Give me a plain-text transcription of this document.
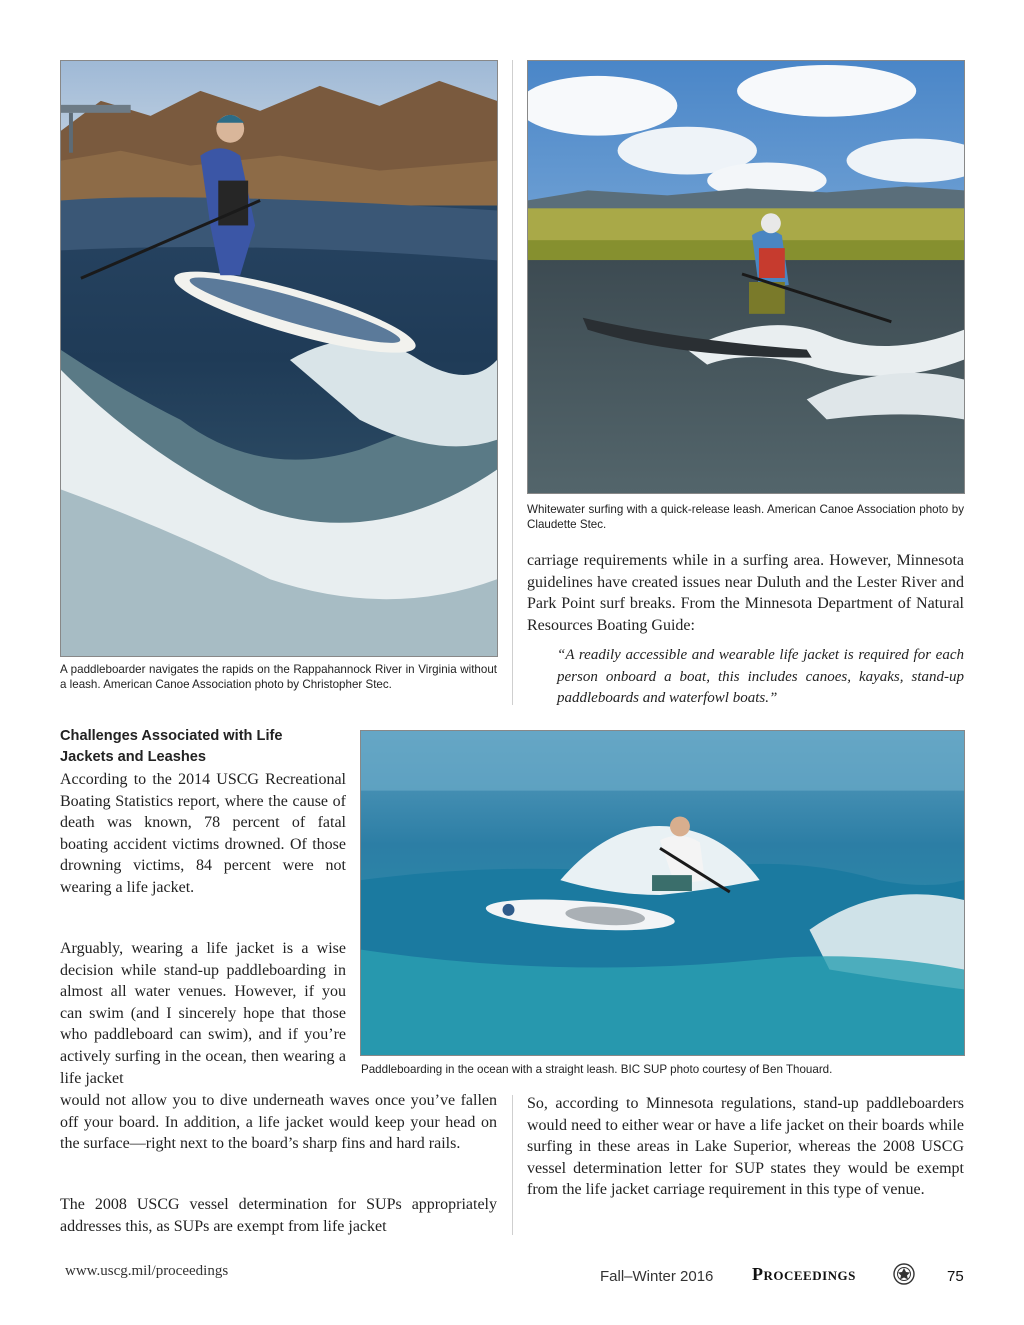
A paddleboarder navigates the rapids on the Rappahannock River in Virginia without a leash. American Canoe Association photo by Christopher Stec.

Whitewater surfing with a quick-release leash. American Canoe Association photo by Claudette Stec.

carriage requirements while in a surfing area. However, Minnesota guidelines have created issues near Duluth and the Lester River and Park Point surf breaks. From the Minnesota Department of Natural Resources Boating Guide:

“A readily accessible and wearable life jacket is required for each person onboard a boat, this includes canoes, kayaks, stand-up paddleboards and waterfowl boats.”

Challenges Associated with Life Jackets and Leashes

According to the 2014 USCG Recreational Boating Statistics report, where the cause of death was known, 78 percent of fatal boating accident victims drowned. Of those drowning victims, 84 percent were not wearing a life jacket.

Arguably, wearing a life jacket is a wise decision while stand-up paddleboarding in almost all water venues. However, if you can swim (and I sincerely hope that those who paddleboard can swim), and if you’re actively surfing in the ocean, then wearing a life jacket

Paddleboarding in the ocean with a straight leash. BIC SUP photo courtesy of Ben Thouard.

would not allow you to dive underneath waves once you’ve fallen off your board. In addition, a life jacket would keep your head on the surface—right next to the board’s sharp fins and hard rails.

The 2008 USCG vessel determination for SUPs appropriately addresses this, as SUPs are exempt from life jacket

So, according to Minnesota regulations, stand-up paddleboarders would need to either wear or have a life jacket on their boards while surfing in these areas in Lake Superior, whereas the 2008 USCG vessel determination letter for SUP states they would be exempt from the life jacket carriage requirement in this type of venue.

www.uscg.mil/proceedings	Fall–Winter 2016 Proceedings	75
